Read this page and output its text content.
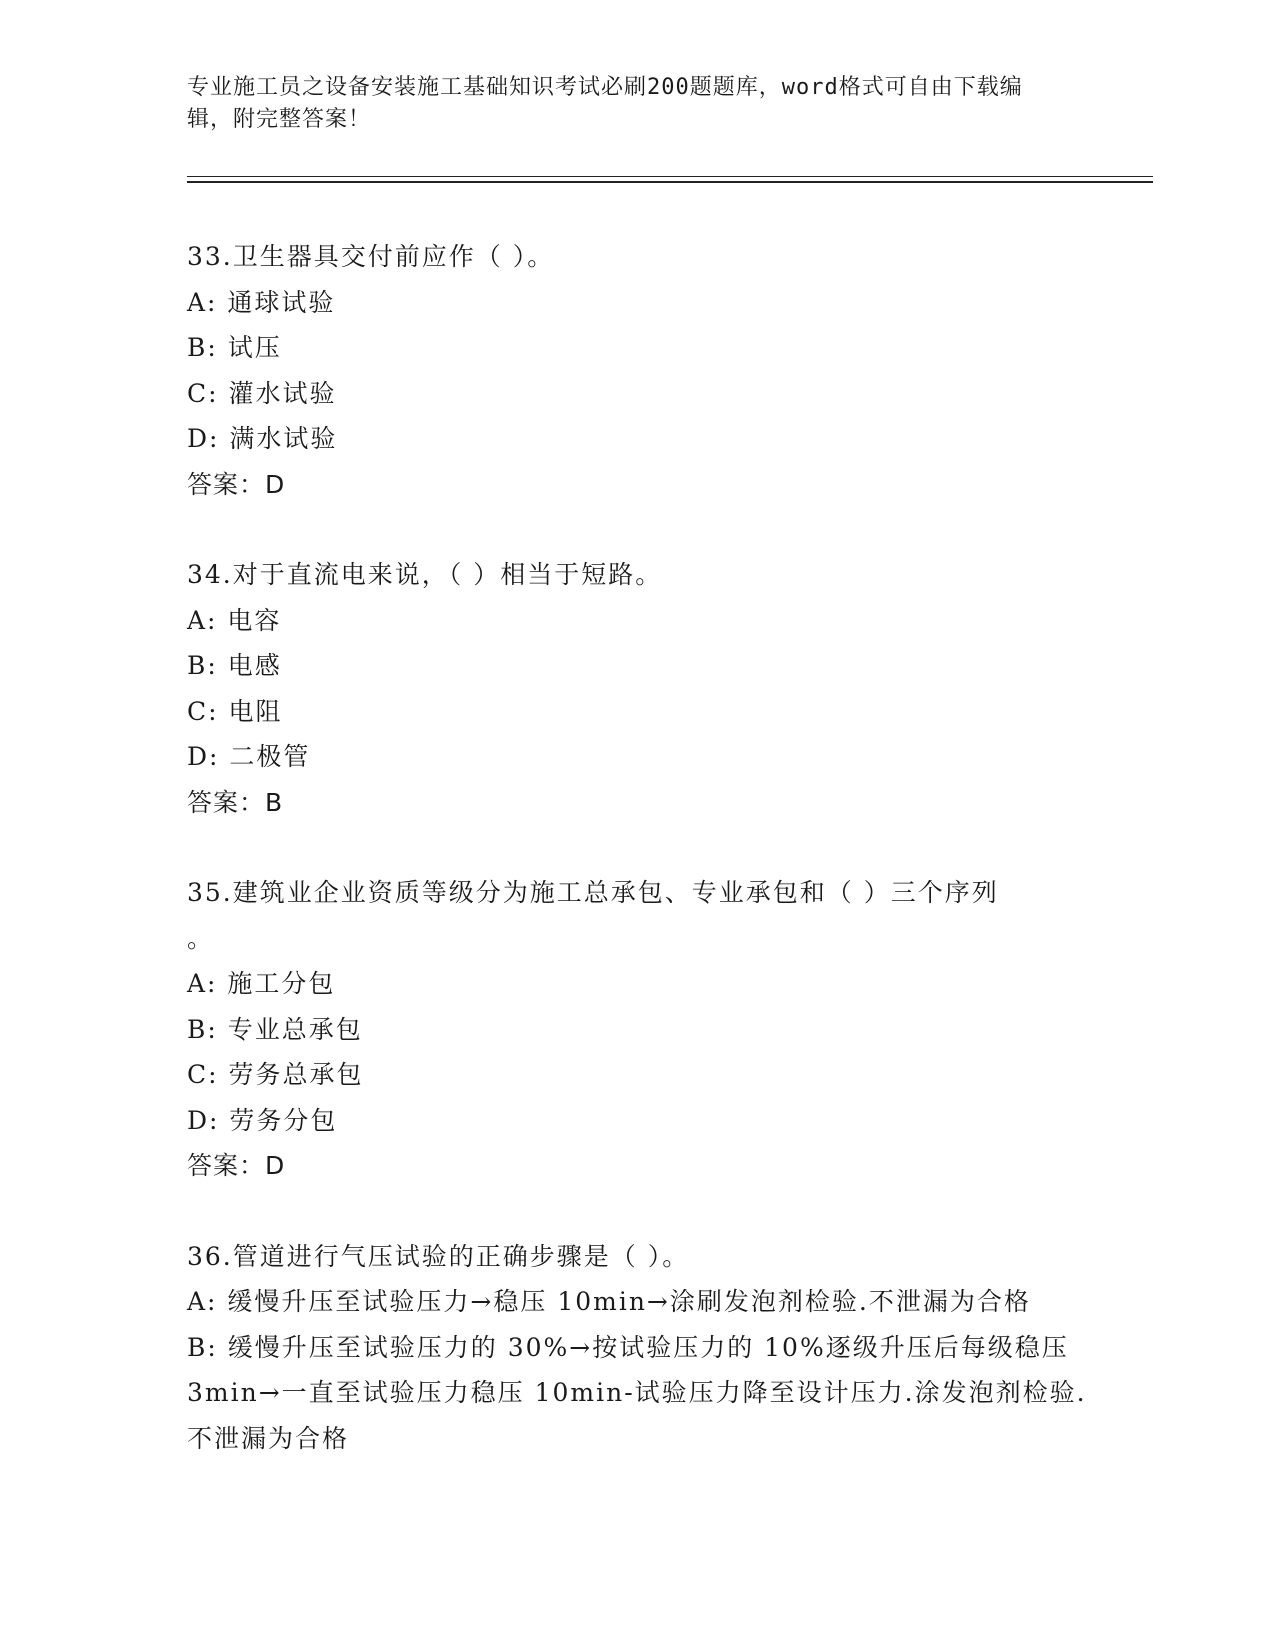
专业施工员之设备安装施工基础知识考试必刷200题题库，word格式可自由下载编辑，附完整答案！
33.卫生器具交付前应作（ ）。
A: 通球试验
B: 试压
C: 灌水试验
D: 满水试验
答案：D
34.对于直流电来说，（ ）相当于短路。
A: 电容
B: 电感
C: 电阻
D: 二极管
答案：B
35.建筑业企业资质等级分为施工总承包、专业承包和（ ）三个序列
。
A: 施工分包
B: 专业总承包
C: 劳务总承包
D: 劳务分包
答案：D
36.管道进行气压试验的正确步骤是（ ）。
A: 缓慢升压至试验压力→稳压 10min→涂刷发泡剂检验.不泄漏为合格
B: 缓慢升压至试验压力的 30%→按试验压力的 10%逐级升压后每级稳压 3min→一直至试验压力稳压 10min-试验压力降至设计压力.涂发泡剂检验.不泄漏为合格
